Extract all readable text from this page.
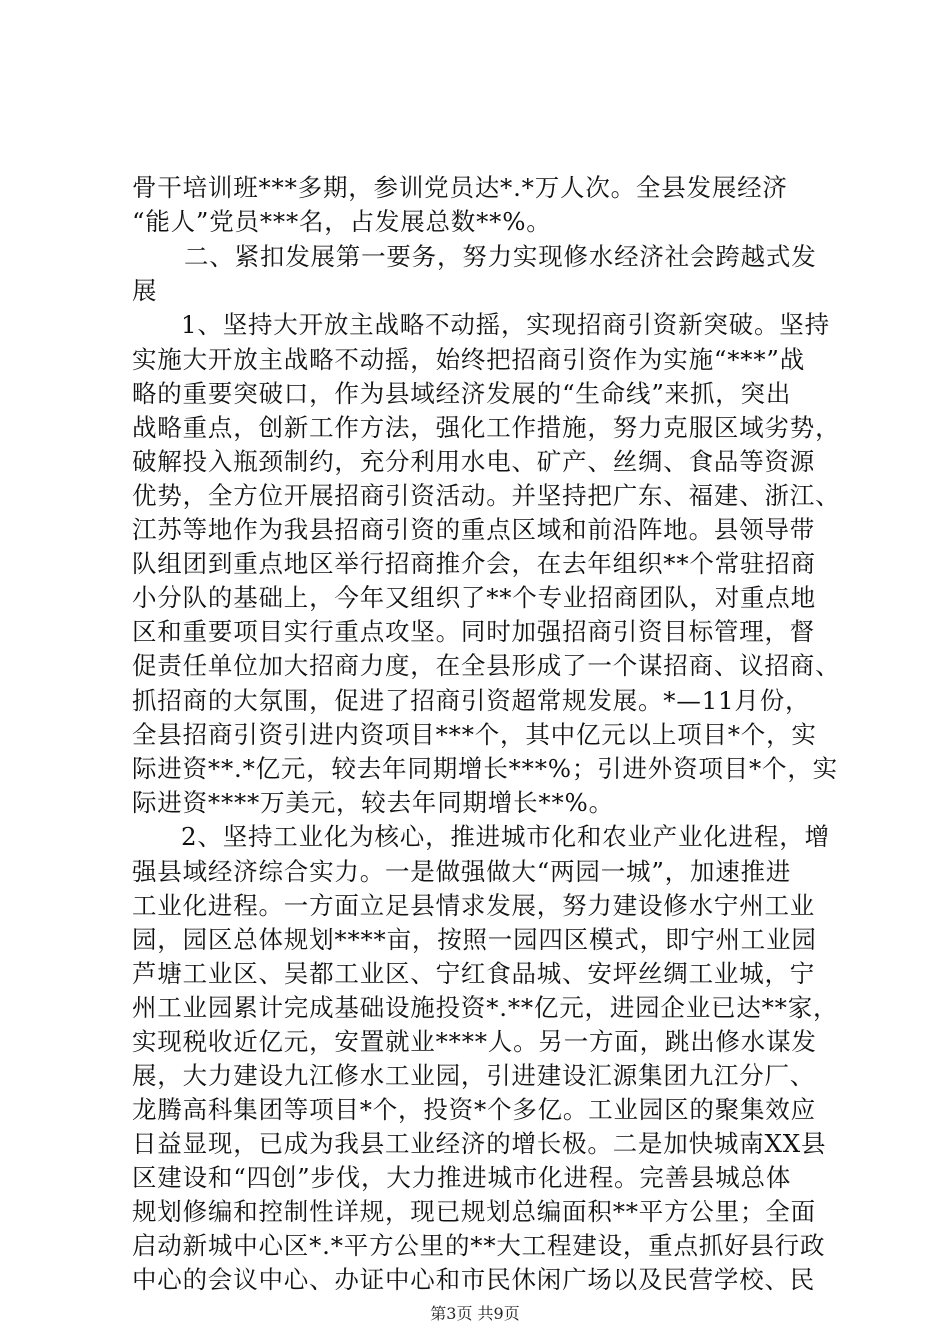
骨干培训班***多期，参训党员达*.*万人次。全县发展经济
“能人”党员***名，占发展总数**%。
二、紧扣发展第一要务，努力实现修水经济社会跨越式发
展
1、坚持大开放主战略不动摇，实现招商引资新突破。坚持
实施大开放主战略不动摇，始终把招商引资作为实施“***”战
略的重要突破口，作为县域经济发展的“生命线”来抓，突出
战略重点，创新工作方法，强化工作措施，努力克服区域劣势，
破解投入瓶颈制约，充分利用水电、矿产、丝绸、食品等资源
优势，全方位开展招商引资活动。并坚持把广东、福建、浙江、
江苏等地作为我县招商引资的重点区域和前沿阵地。县领导带
队组团到重点地区举行招商推介会，在去年组织**个常驻招商
小分队的基础上，今年又组织了**个专业招商团队，对重点地
区和重要项目实行重点攻坚。同时加强招商引资目标管理，督
促责任单位加大招商力度，在全县形成了一个谋招商、议招商、
抓招商的大氛围，促进了招商引资超常规发展。*—11月份，
全县招商引资引进内资项目***个，其中亿元以上项目*个，实
际进资**.*亿元，较去年同期增长***%；引进外资项目*个，实
际进资****万美元，较去年同期增长**%。
2、坚持工业化为核心，推进城市化和农业产业化进程，增
强县域经济综合实力。一是做强做大“两园一城”，加速推进
工业化进程。一方面立足县情求发展，努力建设修水宁州工业
园，园区总体规划****亩，按照一园四区模式，即宁州工业园
芦塘工业区、吴都工业区、宁红食品城、安坪丝绸工业城，宁
州工业园累计完成基础设施投资*.**亿元，进园企业已达**家，
实现税收近亿元，安置就业****人。另一方面，跳出修水谋发
展，大力建设九江修水工业园，引进建设汇源集团九江分厂、
龙腾高科集团等项目*个，投资*个多亿。工业园区的聚集效应
日益显现，已成为我县工业经济的增长极。二是加快城南XX县
区建设和“四创”步伐，大力推进城市化进程。完善县城总体
规划修编和控制性详规，现已规划总编面积**平方公里；全面
启动新城中心区*.*平方公里的**大工程建设，重点抓好县行政
中心的会议中心、办证中心和市民休闲广场以及民营学校、民
第3页 共9页
